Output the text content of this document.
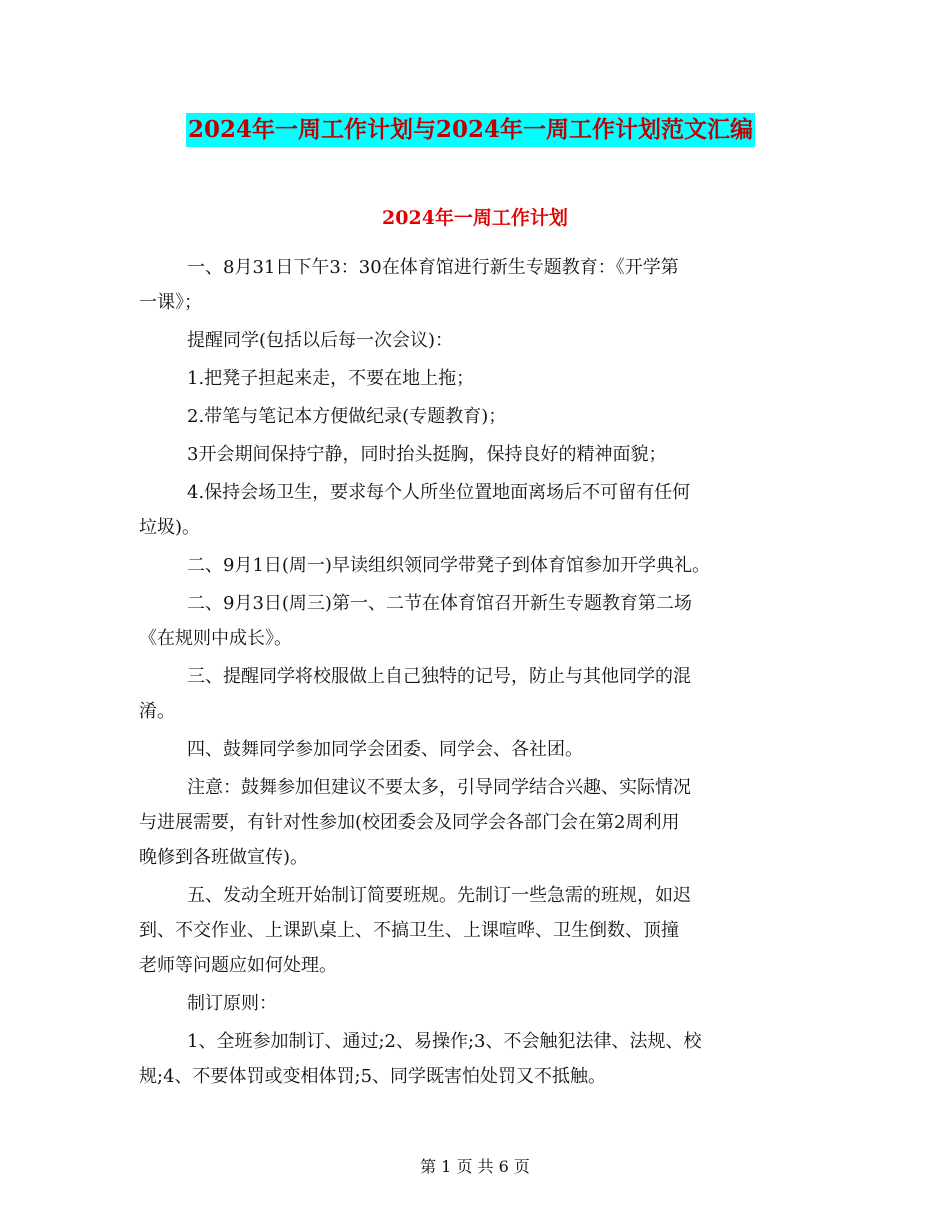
2024年一周工作计划与2024年一周工作计划范文汇编
2024年一周工作计划

一、8月31日下午3：30在体育馆进行新生专题教育：《开学第

一课》；

提醒同学(包括以后每一次会议)：

1.把凳子担起来走，不要在地上拖；

2.带笔与笔记本方便做纪录(专题教育)；

3开会期间保持宁静，同时抬头挺胸，保持良好的精神面貌；

4.保持会场卫生，要求每个人所坐位置地面离场后不可留有任何

垃圾)。

二、9月1日(周一)早读组织领同学带凳子到体育馆参加开学典礼。

二、9月3日(周三)第一、二节在体育馆召开新生专题教育第二场

《在规则中成长》。

三、提醒同学将校服做上自己独特的记号，防止与其他同学的混

淆。

四、鼓舞同学参加同学会团委、同学会、各社团。

注意：鼓舞参加但建议不要太多，引导同学结合兴趣、实际情况

与进展需要，有针对性参加(校团委会及同学会各部门会在第2周利用

晚修到各班做宣传)。

五、发动全班开始制订简要班规。先制订一些急需的班规，如迟

到、不交作业、上课趴桌上、不搞卫生、上课喧哗、卫生倒数、顶撞

老师等问题应如何处理。

制订原则：

1、全班参加制订、通过;2、易操作;3、不会触犯法律、法规、校

规;4、不要体罚或变相体罚;5、同学既害怕处罚又不抵触。

第 1 页 共 6 页
